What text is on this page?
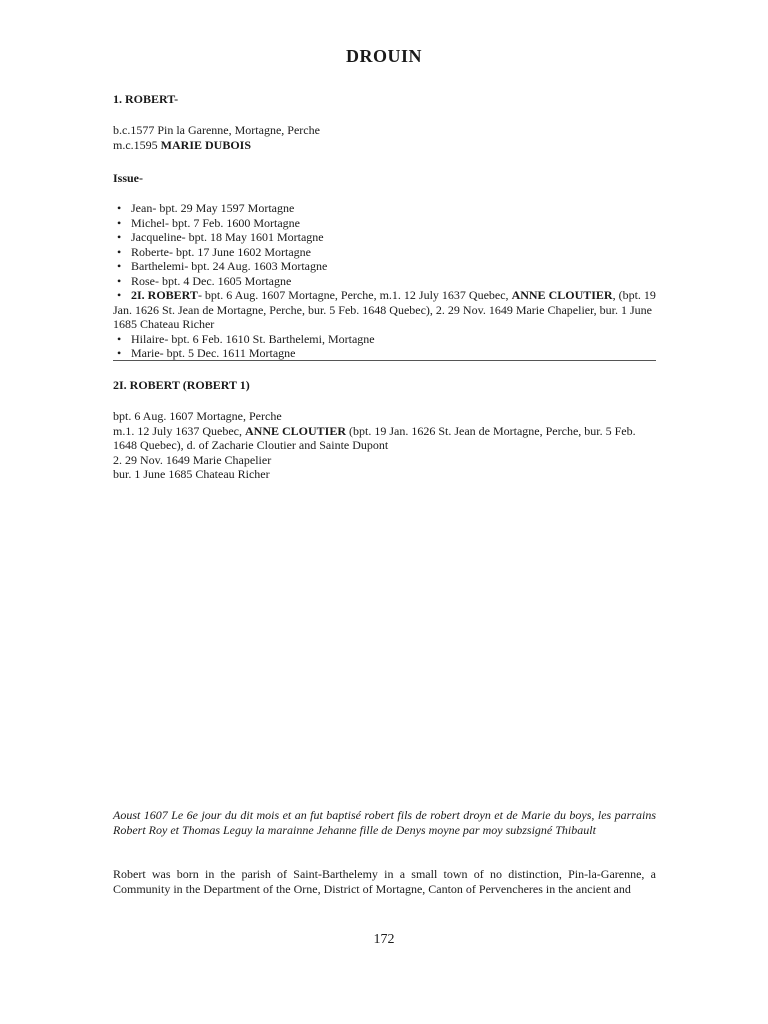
DROUIN
1. ROBERT-
b.c.1577 Pin la Garenne, Mortagne, Perche
m.c.1595 MARIE DUBOIS
Issue-
• Jean- bpt. 29 May 1597 Mortagne
• Michel- bpt. 7 Feb. 1600 Mortagne
• Jacqueline- bpt. 18 May 1601 Mortagne
• Roberte- bpt. 17 June 1602 Mortagne
• Barthelemi- bpt. 24 Aug. 1603 Mortagne
• Rose- bpt. 4 Dec. 1605 Mortagne
• 2I. ROBERT- bpt. 6 Aug. 1607 Mortagne, Perche, m.1. 12 July 1637 Quebec, ANNE CLOUTIER, (bpt. 19 Jan. 1626 St. Jean de Mortagne, Perche, bur. 5 Feb. 1648 Quebec), 2. 29 Nov. 1649 Marie Chapelier, bur. 1 June 1685 Chateau Richer
• Hilaire- bpt. 6 Feb. 1610 St. Barthelemi, Mortagne
• Marie- bpt. 5 Dec. 1611 Mortagne
2I. ROBERT (ROBERT 1)
bpt. 6 Aug. 1607 Mortagne, Perche
m.1. 12 July 1637 Quebec, ANNE CLOUTIER (bpt. 19 Jan. 1626 St. Jean de Mortagne, Perche, bur. 5 Feb. 1648 Quebec), d. of Zacharie Cloutier and Sainte Dupont
2. 29 Nov. 1649 Marie Chapelier
bur. 1 June 1685 Chateau Richer
Aoust 1607 Le 6e jour du dit mois et an fut baptisé robert fils de robert droyn et de Marie du boys, les parrains Robert Roy et Thomas Leguy la marainne Jehanne fille de Denys moyne par moy subzsigné Thibault
Robert was born in the parish of Saint-Barthelemy in a small town of no distinction, Pin-la-Garenne, a Community in the Department of the Orne, District of Mortagne, Canton of Pervencheres in the ancient and
172
